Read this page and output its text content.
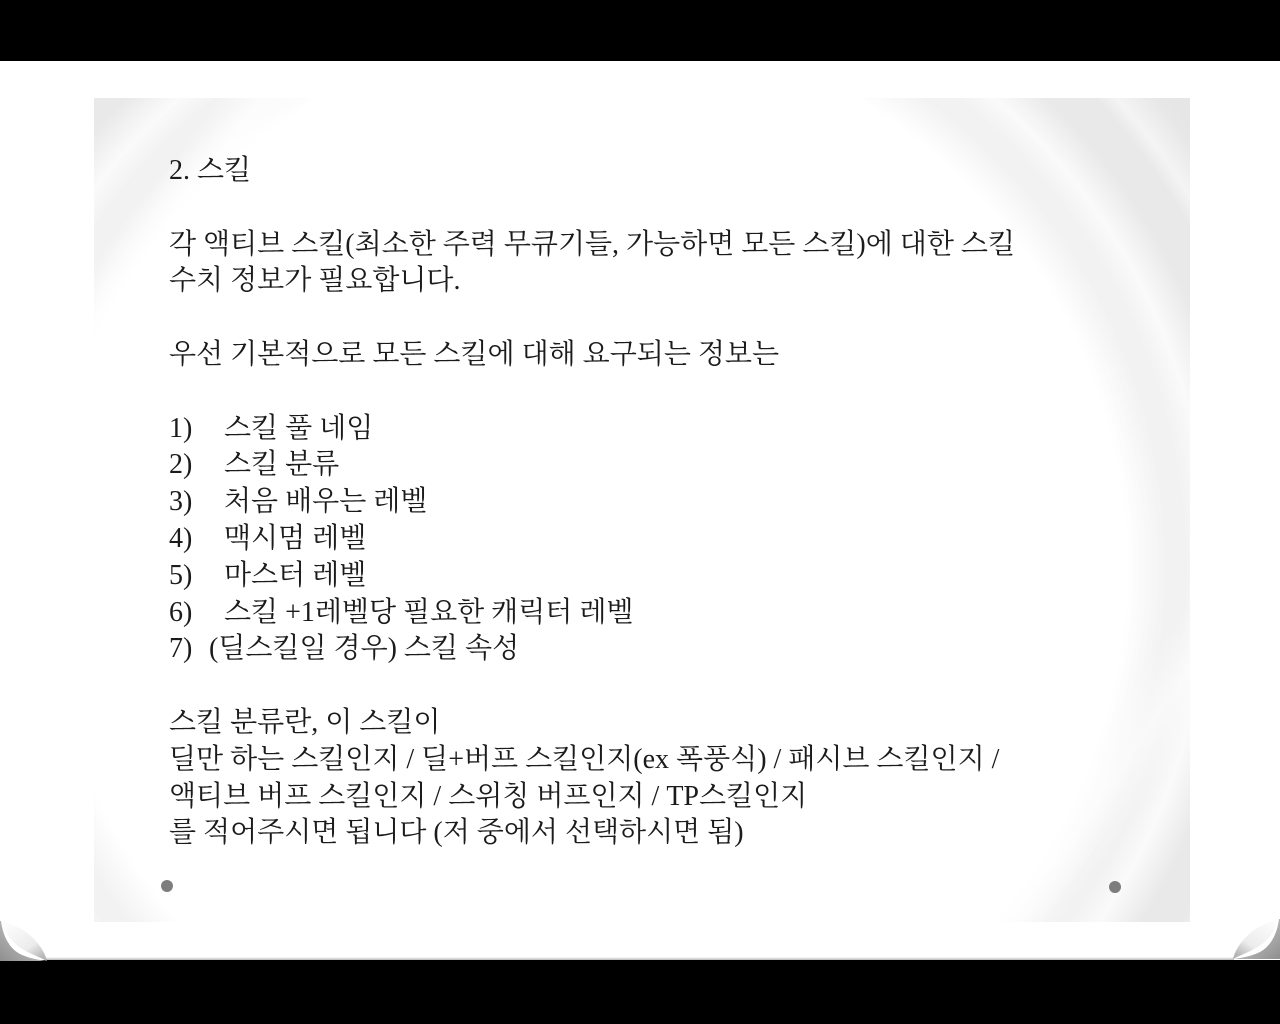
2. 스킬
각 액티브 스킬(최소한 주력 무큐기들, 가능하면 모든 스킬)에 대한 스킬
수치 정보가 필요합니다.
우선 기본적으로 모든 스킬에 대해 요구되는 정보는
1) 스킬 풀 네임
2) 스킬 분류
3) 처음 배우는 레벨
4) 맥시멈 레벨
5) 마스터 레벨
6) 스킬 +1레벨당 필요한 캐릭터 레벨
7) (딜스킬일 경우) 스킬 속성
스킬 분류란, 이 스킬이
딜만 하는 스킬인지 / 딜+버프 스킬인지(ex 폭풍식) / 패시브 스킬인지 /
액티브 버프 스킬인지 / 스위칭 버프인지 / TP스킬인지
를 적어주시면 됩니다 (저 중에서 선택하시면 됨)
